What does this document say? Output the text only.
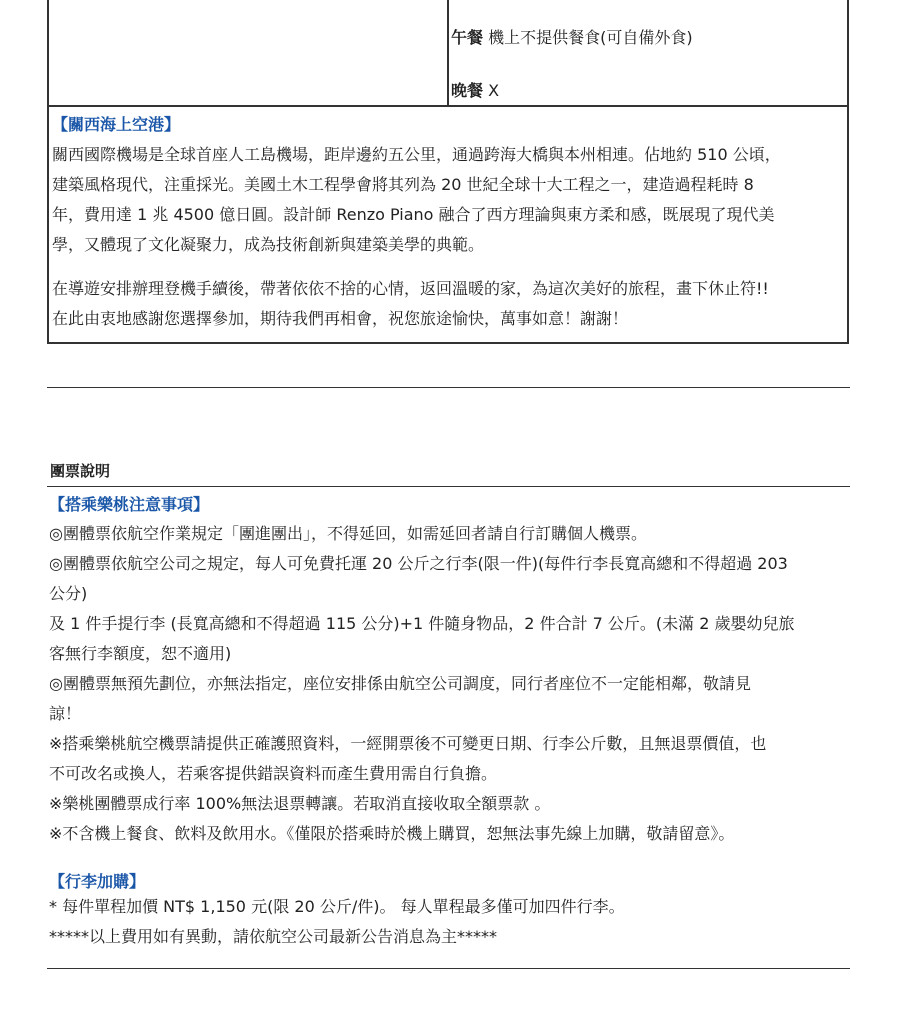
午餐 機上不提供餐食(可自備外食)
晚餐 X
【關西海上空港】
關西國際機場是全球首座人工島機場，距岸邊約五公里，通過跨海大橋與本州相連。佔地約 510 公頃，
建築風格現代，注重採光。美國土木工程學會將其列為 20 世紀全球十大工程之一，建造過程耗時 8
年，費用達 1 兆 4500 億日圓。設計師 Renzo Piano 融合了西方理論與東方柔和感，既展現了現代美
學，又體現了文化凝聚力，成為技術創新與建築美學的典範。
在導遊安排辦理登機手續後，帶著依依不捨的心情，返回溫暖的家，為這次美好的旅程，畫下休止符!!
在此由衷地感謝您選擇參加，期待我們再相會，祝您旅途愉快，萬事如意！謝謝！
團票說明
【搭乘樂桃注意事項】
◎團體票依航空作業規定「團進團出」，不得延回，如需延回者請自行訂購個人機票。
◎團體票依航空公司之規定，每人可免費托運 20 公斤之行李(限一件)(每件行李長寬高總和不得超過 203
公分)
及 1 件手提行李 (長寬高總和不得超過 115 公分)+1 件隨身物品，2 件合計 7 公斤。(未滿 2 歲嬰幼兒旅
客無行李額度，恕不適用)
◎團體票無預先劃位，亦無法指定，座位安排係由航空公司調度，同行者座位不一定能相鄰，敬請見
諒！
※搭乘樂桃航空機票請提供正確護照資料，一經開票後不可變更日期、行李公斤數，且無退票價值，也
不可改名或換人，若乘客提供錯誤資料而產生費用需自行負擔。
※樂桃團體票成行率 100%無法退票轉讓。若取消直接收取全額票款 。
※不含機上餐食、飲料及飲用水。《僅限於搭乘時於機上購買，恕無法事先線上加購，敬請留意》。
【行李加購】
* 每件單程加價 NT$ 1,150 元(限 20 公斤/件)。 每人單程最多僅可加四件行李。
*****以上費用如有異動，請依航空公司最新公告消息為主*****
